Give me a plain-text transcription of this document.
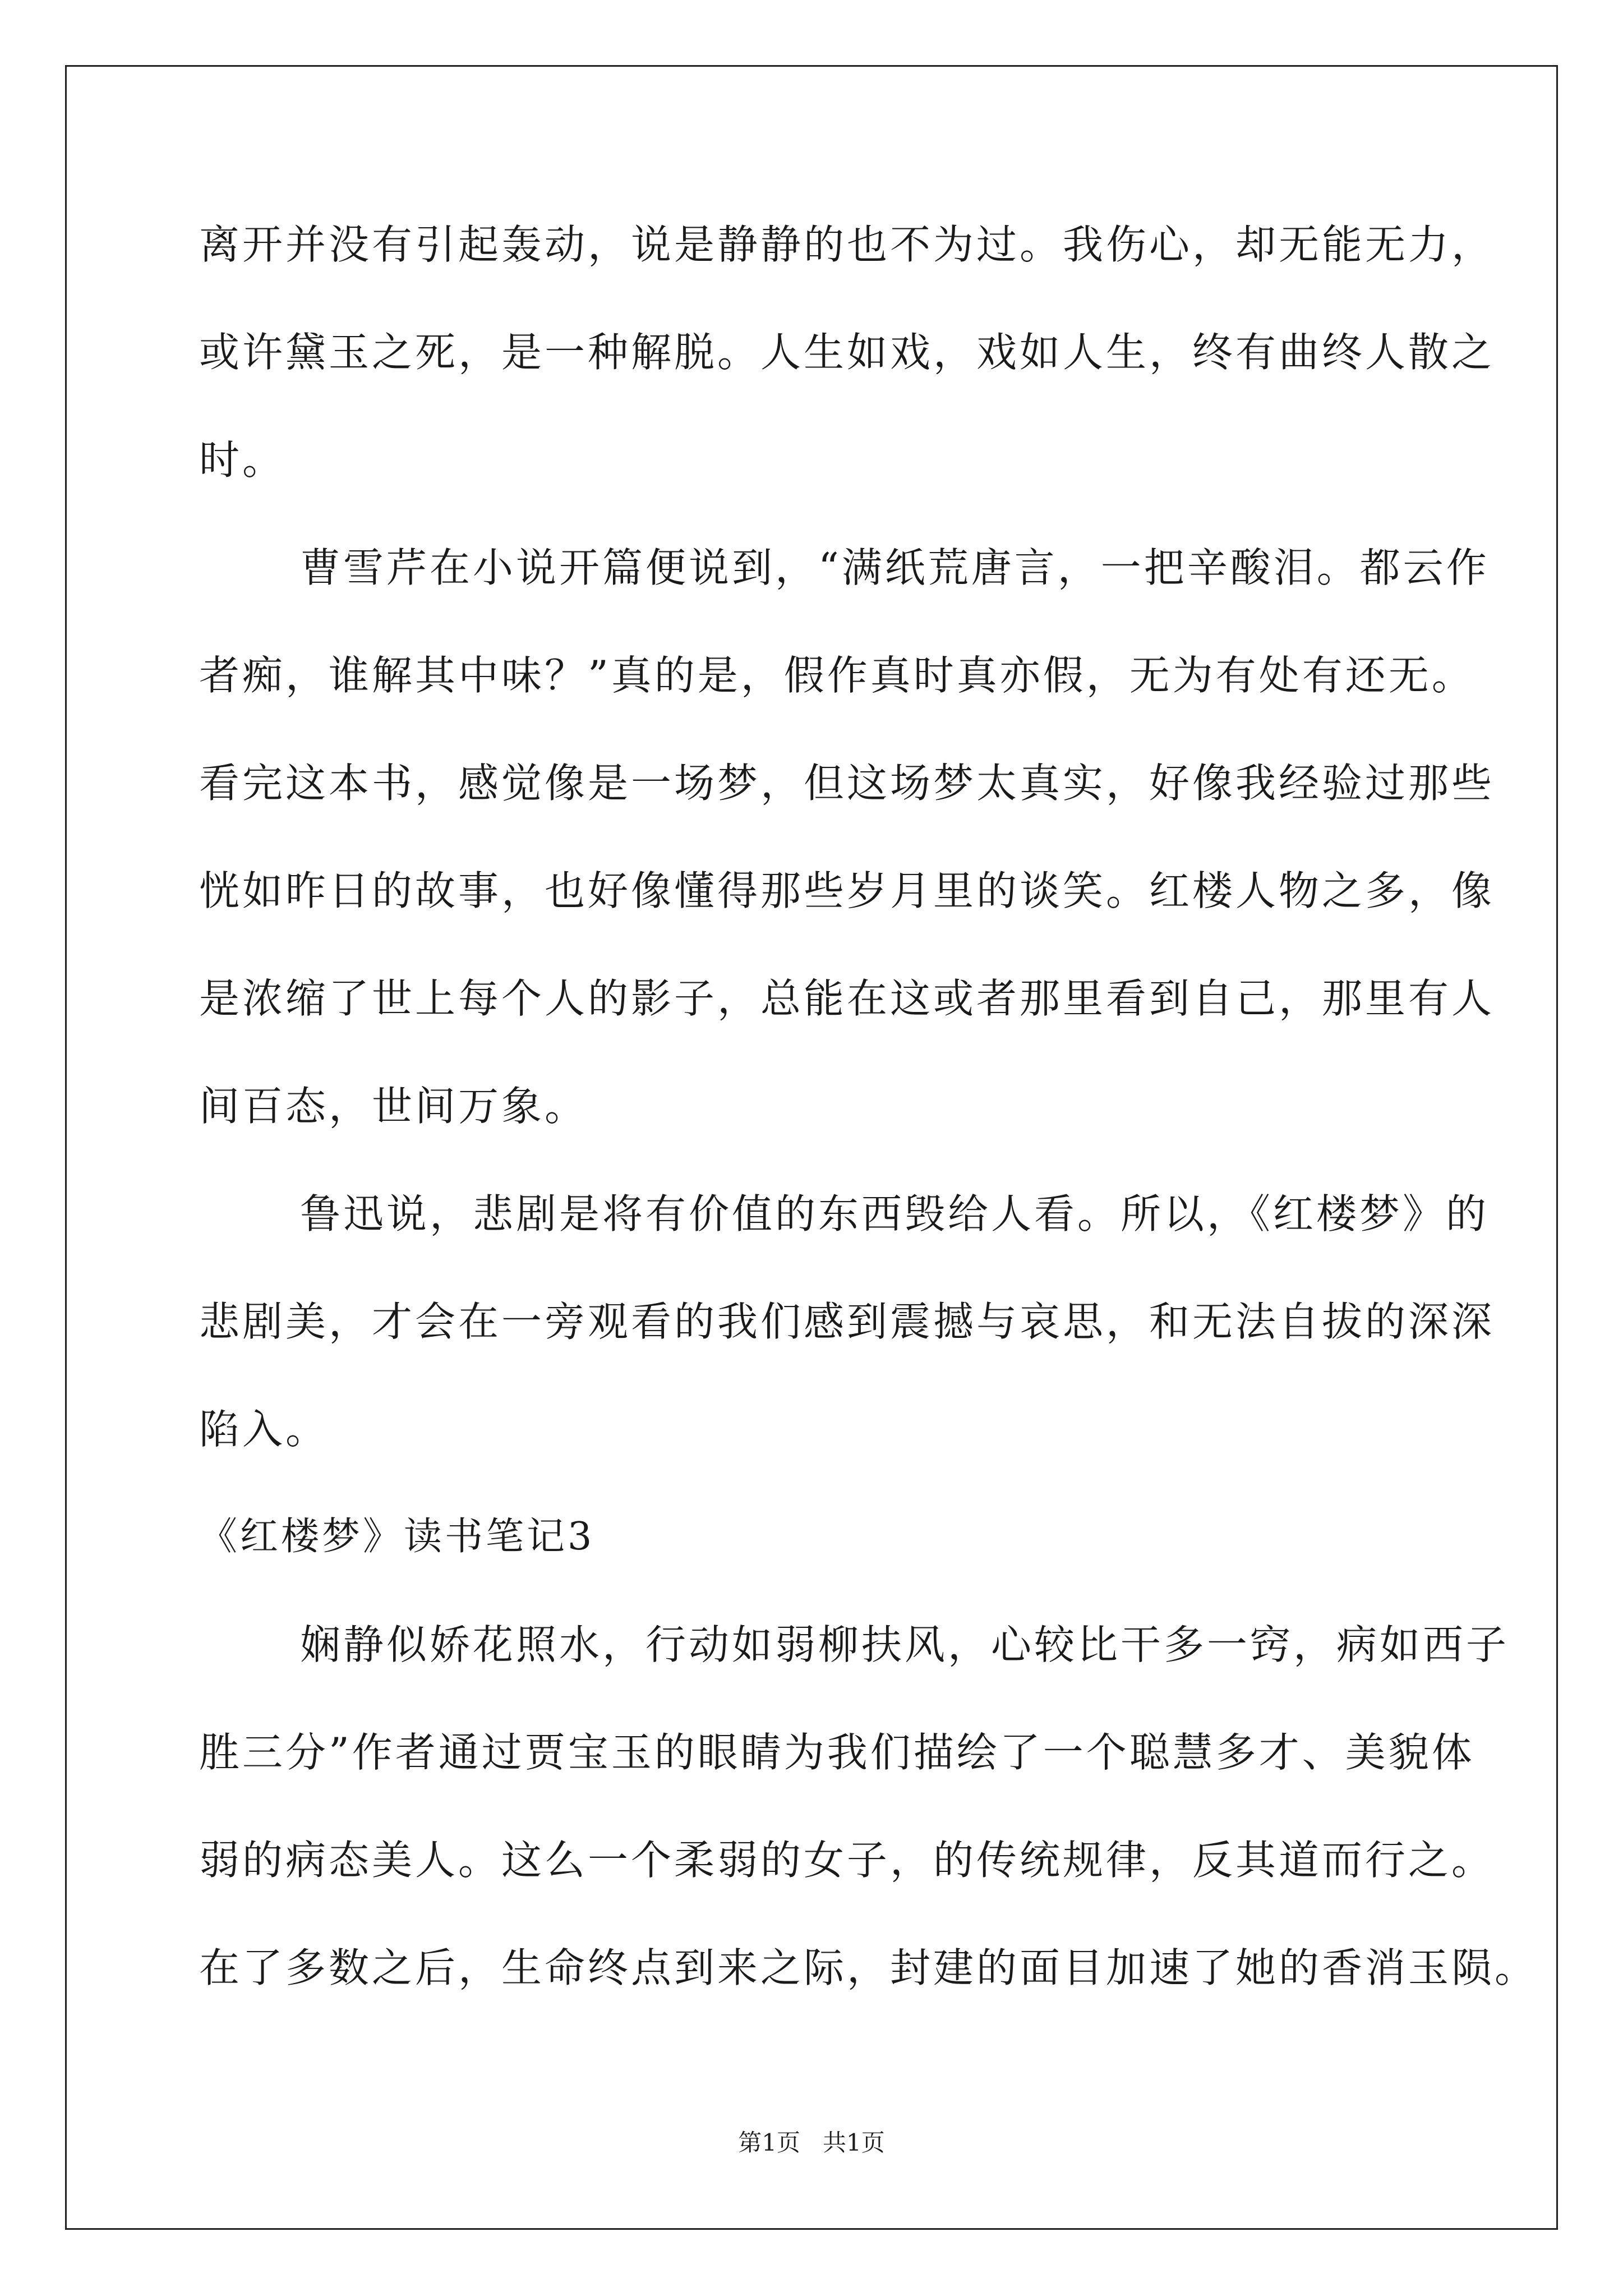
离开并没有引起轰动，说是静静的也不为过。我伤心，却无能无力，

或许黛玉之死，是一种解脱。人生如戏，戏如人生，终有曲终人散之

时。

曹雪芹在小说开篇便说到，“满纸荒唐言，一把辛酸泪。都云作

者痴，谁解其中味？”真的是，假作真时真亦假，无为有处有还无。

看完这本书，感觉像是一场梦，但这场梦太真实，好像我经验过那些

恍如昨日的故事，也好像懂得那些岁月里的谈笑。红楼人物之多，像

是浓缩了世上每个人的影子，总能在这或者那里看到自己，那里有人

间百态，世间万象。

鲁迅说，悲剧是将有价值的东西毁给人看。所以，《红楼梦》的

悲剧美，才会在一旁观看的我们感到震撼与哀思，和无法自拔的深深

陷入。

《红楼梦》读书笔记3

娴静似娇花照水，行动如弱柳扶风，心较比干多一窍，病如西子

胜三分”作者通过贾宝玉的眼睛为我们描绘了一个聪慧多才、美貌体

弱的病态美人。这么一个柔弱的女子，的传统规律，反其道而行之。

在了多数之后，生命终点到来之际，封建的面目加速了她的香消玉陨。

第1页 共1页
